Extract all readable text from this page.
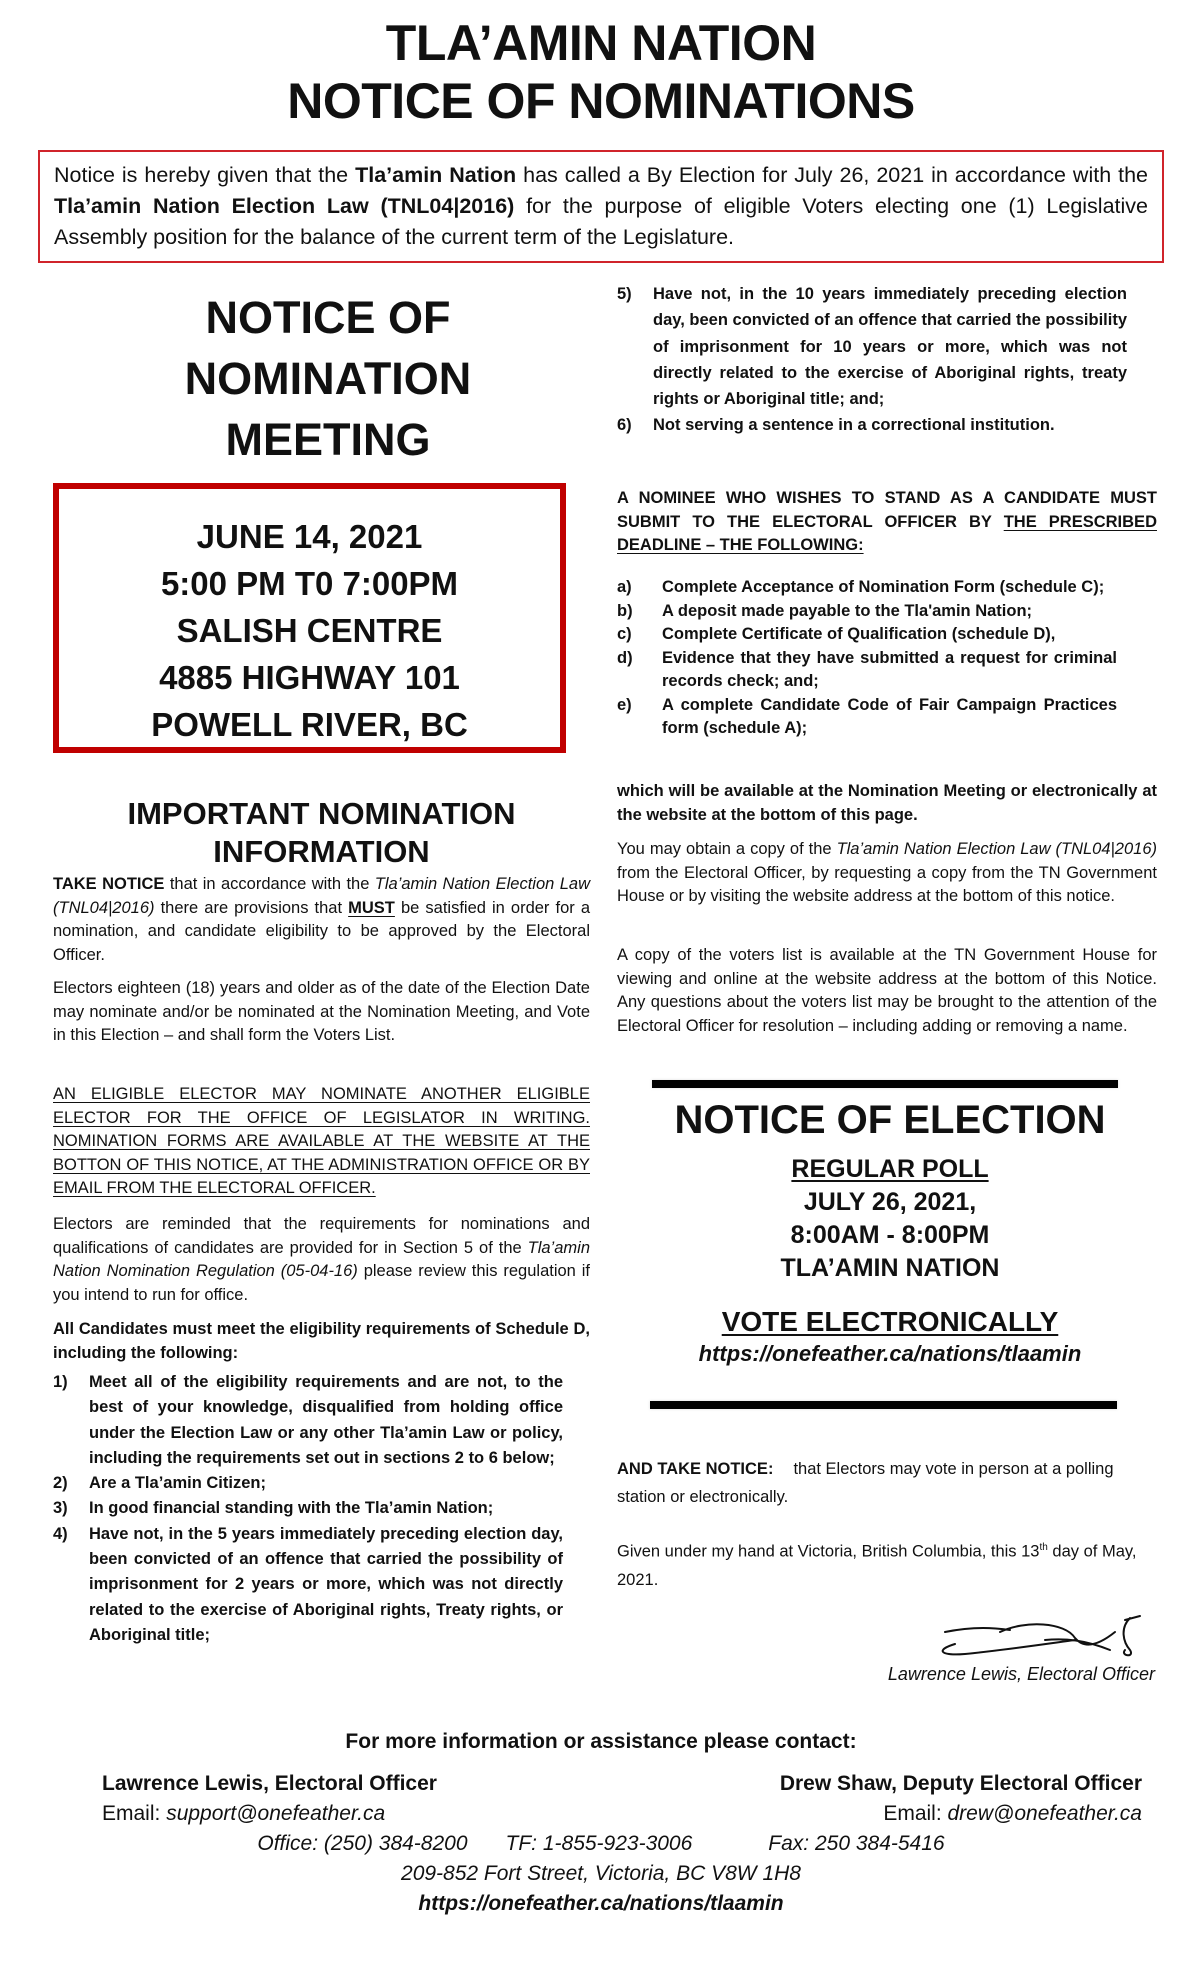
TLA’AMIN NATION
NOTICE OF NOMINATIONS
Notice is hereby given that the Tla’amin Nation has called a By Election for July 26, 2021 in accordance with the Tla’amin Nation Election Law (TNL04|2016) for the purpose of eligible Voters electing one (1) Legislative Assembly position for the balance of the current term of the Legislature.
NOTICE OF
NOMINATION
MEETING
JUNE 14, 2021
5:00 PM T0 7:00PM
SALISH CENTRE
4885 HIGHWAY 101
POWELL RIVER, BC
IMPORTANT NOMINATION
INFORMATION
TAKE NOTICE that in accordance with the Tla’amin Nation Election Law (TNL04|2016) there are provisions that MUST be satisfied in order for a nomination, and candidate eligibility to be approved by the Electoral Officer.
Electors eighteen (18) years and older as of the date of the Election Date may nominate and/or be nominated at the Nomination Meeting, and Vote in this Election – and shall form the Voters List.
AN ELIGIBLE ELECTOR MAY NOMINATE ANOTHER ELIGIBLE ELECTOR FOR THE OFFICE OF LEGISLATOR IN WRITING. NOMINATION FORMS ARE AVAILABLE AT THE WEBSITE AT THE BOTTON OF THIS NOTICE, AT THE ADMINISTRATION OFFICE OR BY EMAIL FROM THE ELECTORAL OFFICER.
Electors are reminded that the requirements for nominations and qualifications of candidates are provided for in Section 5 of the Tla’amin Nation Nomination Regulation (05-04-16) please review this regulation if you intend to run for office.
All Candidates must meet the eligibility requirements of Schedule D, including the following:
1)	Meet all of the eligibility requirements and are not, to the best of your knowledge, disqualified from holding office under the Election Law or any other Tla’amin Law or policy, including the requirements set out in sections 2 to 6 below;
2)	Are a Tla’amin Citizen;
3)	In good financial standing with the Tla’amin Nation;
4)	Have not, in the 5 years immediately preceding election day, been convicted of an offence that carried the possibility of imprisonment for 2 years or more, which was not directly related to the exercise of Aboriginal rights, Treaty rights, or Aboriginal title;
5)	Have not, in the 10 years immediately preceding election day, been convicted of an offence that carried the possibility of imprisonment for 10 years or more, which was not directly related to the exercise of Aboriginal rights, treaty rights or Aboriginal title; and;
6)	Not serving a sentence in a correctional institution.
A NOMINEE WHO WISHES TO STAND AS A CANDIDATE MUST SUBMIT TO THE ELECTORAL OFFICER BY THE PRESCRIBED DEADLINE – THE FOLLOWING:
a)	Complete Acceptance of Nomination Form (schedule C);
b)	A deposit made payable to the Tla'amin Nation;
c)	Complete Certificate of Qualification (schedule D),
d)	Evidence that they have submitted a request for criminal records check; and;
e)	A complete Candidate Code of Fair Campaign Practices form (schedule A);
which will be available at the Nomination Meeting or electronically at the website at the bottom of this page.
You may obtain a copy of the Tla’amin Nation Election Law (TNL04|2016) from the Electoral Officer, by requesting a copy from the TN Government House or by visiting the website address at the bottom of this notice.
A copy of the voters list is available at the TN Government House for viewing and online at the website address at the bottom of this Notice. Any questions about the voters list may be brought to the attention of the Electoral Officer for resolution – including adding or removing a name.
NOTICE OF ELECTION
REGULAR POLL
JULY 26, 2021,
8:00AM - 8:00PM
TLA’AMIN NATION
VOTE ELECTRONICALLY
https://onefeather.ca/nations/tlaamin
AND TAKE NOTICE: that Electors may vote in person at a polling station or electronically.
Given under my hand at Victoria, British Columbia, this 13th day of May, 2021.
Lawrence Lewis, Electoral Officer
For more information or assistance please contact:
Lawrence Lewis, Electoral Officer
Email: support@onefeather.ca
Drew Shaw, Deputy Electoral Officer
Email: drew@onefeather.ca
Office: (250) 384-8200 TF: 1-855-923-3006	Fax: 250 384-5416
209-852 Fort Street, Victoria, BC V8W 1H8
https://onefeather.ca/nations/tlaamin
